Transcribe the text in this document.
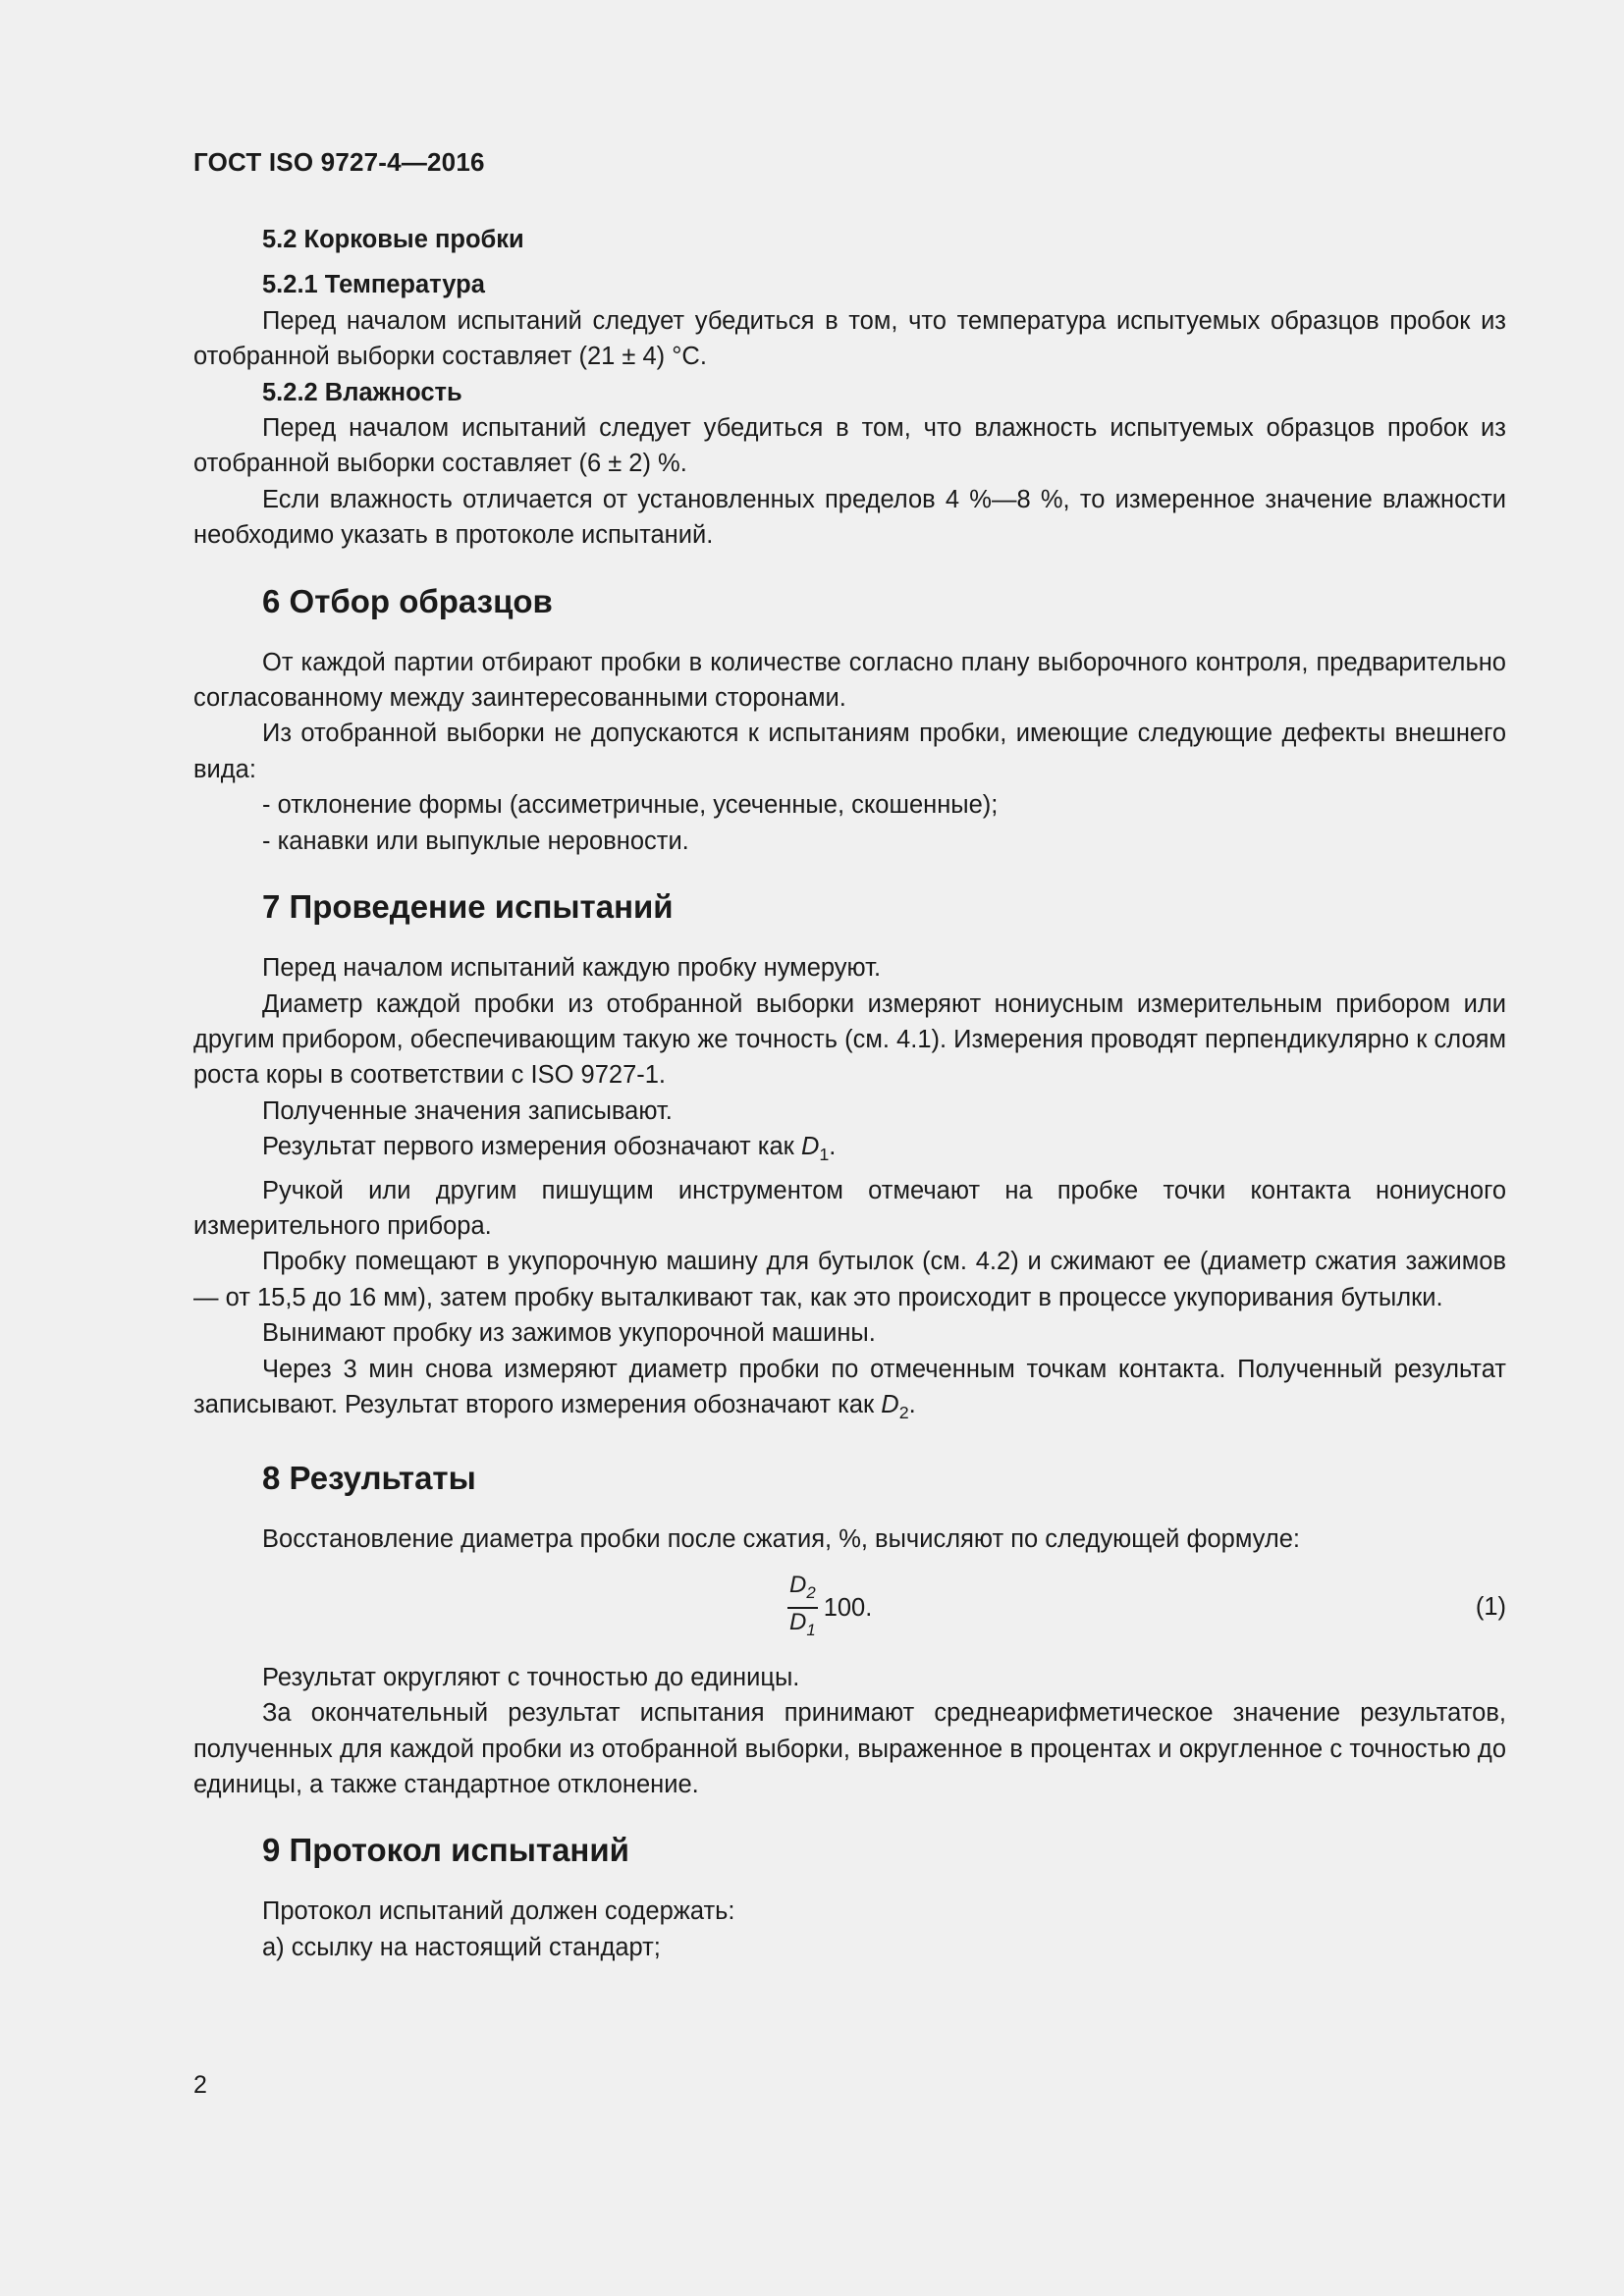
ГОСТ ISO 9727-4—2016

5.2 Корковые пробки

5.2.1 Температура

Перед началом испытаний следует убедиться в том, что температура испытуемых образцов пробок из отобранной выборки составляет (21 ± 4) °C.

5.2.2 Влажность

Перед началом испытаний следует убедиться в том, что влажность испытуемых образцов пробок из отобранной выборки составляет (6 ± 2) %.

Если влажность отличается от установленных пределов 4 %—8 %, то измеренное значение влажности необходимо указать в протоколе испытаний.

6 Отбор образцов

От каждой партии отбирают пробки в количестве согласно плану выборочного контроля, предварительно согласованному между заинтересованными сторонами.

Из отобранной выборки не допускаются к испытаниям пробки, имеющие следующие дефекты внешнего вида:

- отклонение формы (ассиметричные, усеченные, скошенные);

- канавки или выпуклые неровности.

7 Проведение испытаний

Перед началом испытаний каждую пробку нумеруют.

Диаметр каждой пробки из отобранной выборки измеряют нониусным измерительным прибором или другим прибором, обеспечивающим такую же точность (см. 4.1). Измерения проводят перпендикулярно к слоям роста коры в соответствии с ISO 9727-1.

Полученные значения записывают.

Результат первого измерения обозначают как $D_1$.

Ручкой или другим пишущим инструментом отмечают на пробке точки контакта нониусного измерительного прибора.

Пробку помещают в укупорочную машину для бутылок (см. 4.2) и сжимают ее (диаметр сжатия зажимов — от 15,5 до 16 мм), затем пробку выталкивают так, как это происходит в процессе укупоривания бутылки.

Вынимают пробку из зажимов укупорочной машины.

Через 3 мин снова измеряют диаметр пробки по отмеченным точкам контакта. Полученный результат записывают. Результат второго измерения обозначают как $D_2$.

8 Результаты

Восстановление диаметра пробки после сжатия, %, вычисляют по следующей формуле:

$\frac{D_2}{D_1} 100$.	(1)

Результат округляют с точностью до единицы.

За окончательный результат испытания принимают среднеарифметическое значение результатов, полученных для каждой пробки из отобранной выборки, выраженное в процентах и округленное с точностью до единицы, а также стандартное отклонение.

9 Протокол испытаний

Протокол испытаний должен содержать:

а) ссылку на настоящий стандарт;

2
